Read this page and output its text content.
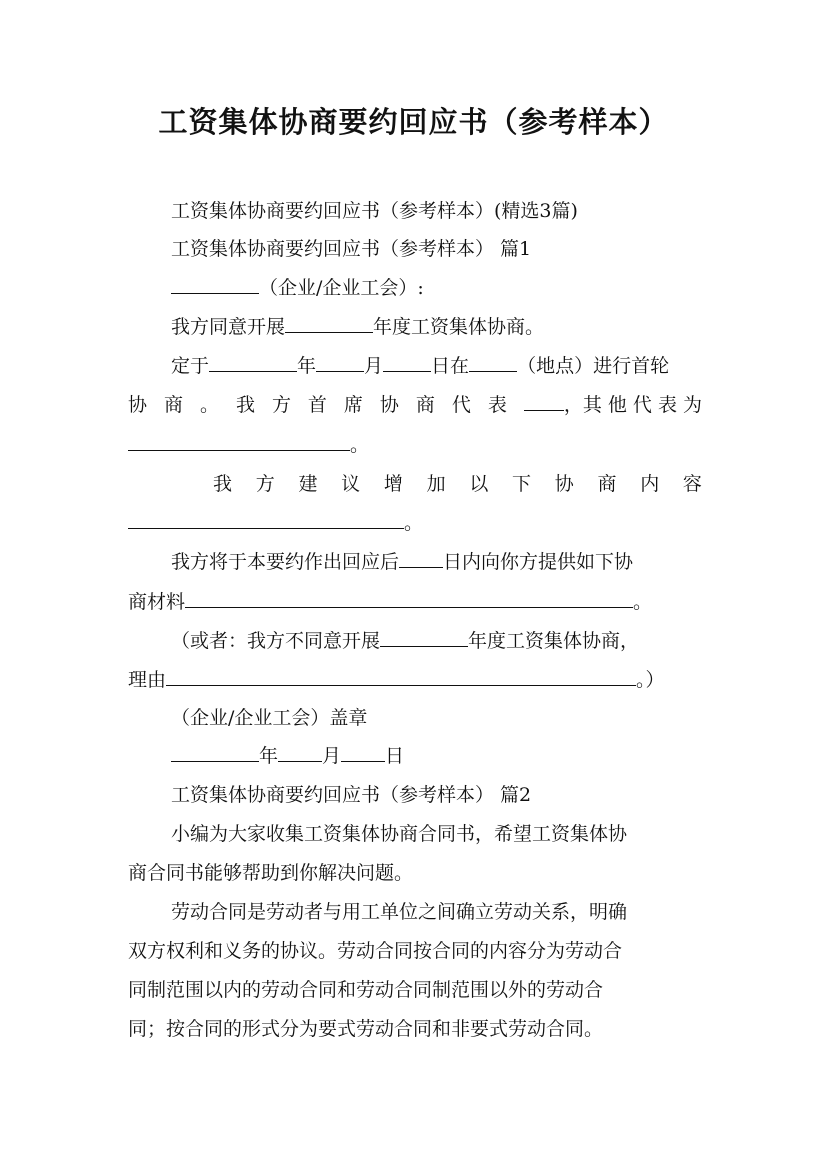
工资集体协商要约回应书（参考样本）
工资集体协商要约回应书（参考样本）(精选3篇)
工资集体协商要约回应书（参考样本） 篇1
（企业/企业工会）:
我方同意开展	年度工资集体协商。
定于	年	月	日在	（地点）进行首轮
协 商 。 我 方 首 席 协 商 代 表	，其 他 代 表 为
。
我 方 建 议 增 加 以 下 协 商 内 容
。
我方将于本要约作出回应后 日内向你方提供如下协
商材料	。
（或者：我方不同意开展	年度工资集体协商，
理由	。）
（企业/企业工会）盖章
年 月 日
工资集体协商要约回应书（参考样本） 篇2
小编为大家收集工资集体协商合同书，希望工资集体协
商合同书能够帮助到你解决问题。
劳动合同是劳动者与用工单位之间确立劳动关系，明确
双方权利和义务的协议。劳动合同按合同的内容分为劳动合
同制范围以内的劳动合同和劳动合同制范围以外的劳动合
同；按合同的形式分为要式劳动合同和非要式劳动合同。
